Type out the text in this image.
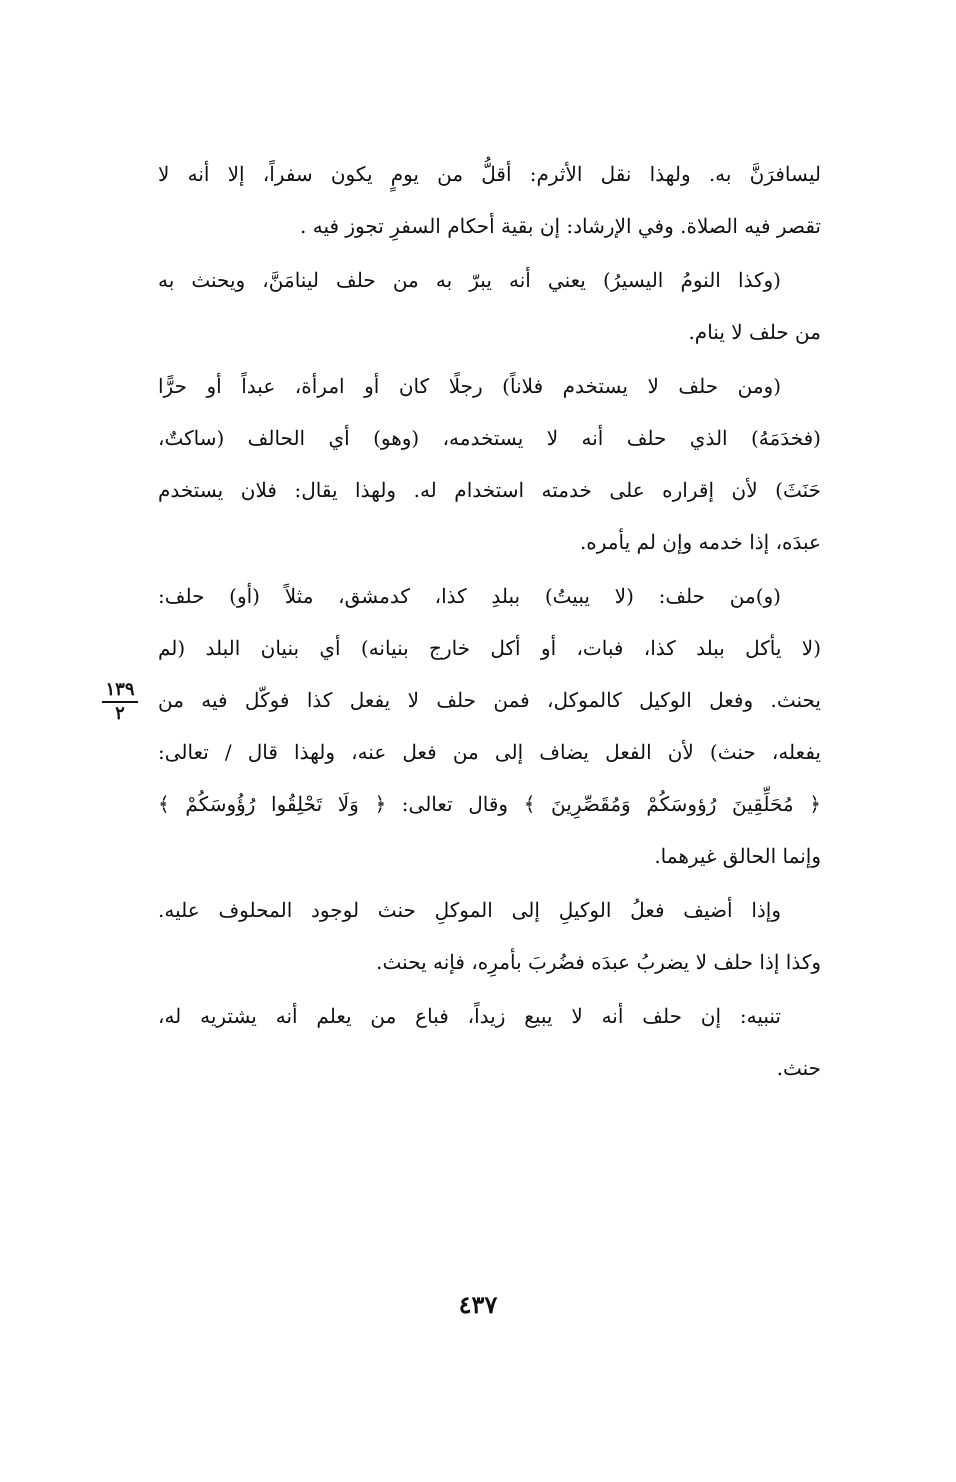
ليسافرَنَّ به. ولهذا نقل الأثرم: أقلُّ من يومٍ يكون سفراً، إلا أنه لا
تقصر فيه الصلاة. وفي الإرشاد: إن بقية أحكام السفرِ تجوز فيه .

(وكذا النومُ اليسيرُ) يعني أنه يبرّ به من حلف لينامَنَّ، ويحنث به
من حلف لا ينام.

(ومن حلف لا يستخدم فلاناً) رجلًا كان أو امرأة، عبداً أو حرًّا
(فخدَمَهُ) الذي حلف أنه لا يستخدمه، (وهو) أي الحالف (ساكتٌ،
حَنَثَ) لأن إقراره على خدمته استخدام له. ولهذا يقال: فلان يستخدم
عبدَه، إذا خدمه وإن لم يأمره.

(و)من حلف: (لا يبيتُ) ببلدِ كذا، كدمشق، مثلاً (أو) حلف:
(لا يأكل ببلد كذا، فبات، أو أكل خارج بنيانه) أي بنيان البلد (لم
يحنث. وفعل الوكيل كالموكل، فمن حلف لا يفعل كذا فوكّل فيه من
يفعله، حنث) لأن الفعل يضاف إلى من فعل عنه، ولهذا قال / تعالى:
﴿ مُحَلِّقِينَ رُؤوسَكُمْ وَمُقَصِّرِينَ ﴾ وقال تعالى: ﴿ وَلَا تَحْلِقُوا رُؤُوسَكُمْ ﴾
وإنما الحالق غيرهما.

وإذا أضيف فعلُ الوكيلِ إلى الموكلِ حنث لوجود المحلوف عليه.
وكذا إذا حلف لا يضربُ عبدَه فضُربَ بأمرِه، فإنه يحنث.

تنبيه: إن حلف أنه لا يبيع زيداً، فباع من يعلم أنه يشتريه له،
حنث.

١٣٩
٢
٤٣٧
